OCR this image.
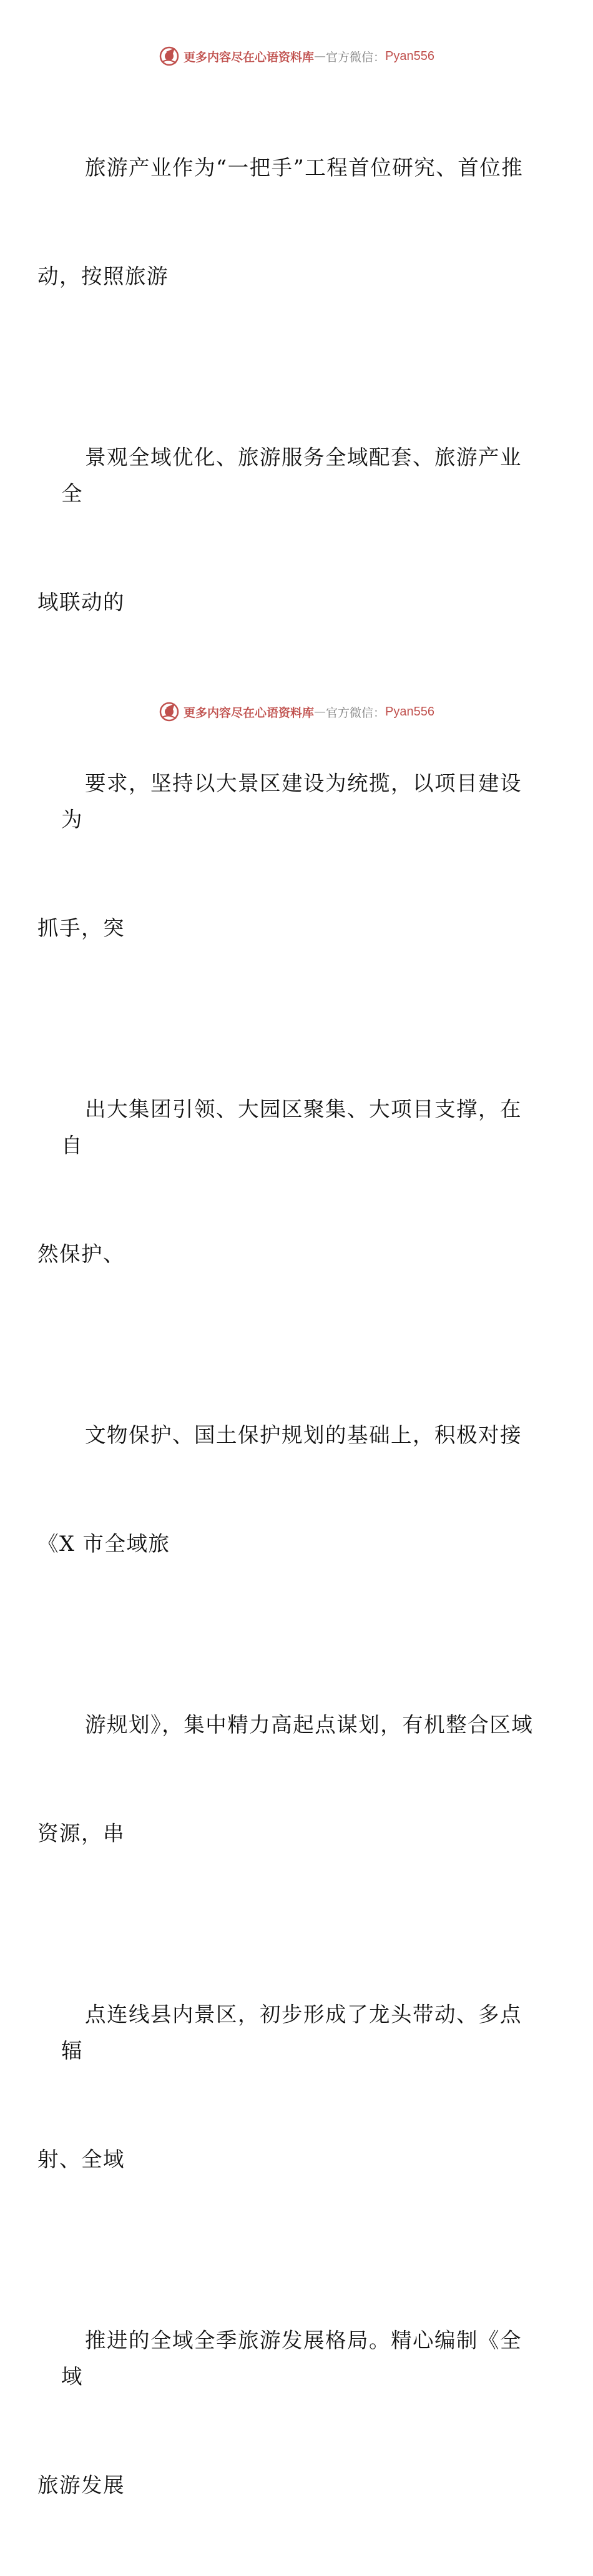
更多内容尽在心语资料库 — 官方微信： Pyan556

旅游产业作为“一把手”工程首位研究、首位推

动，按照旅游

景观全域优化、旅游服务全域配套、旅游产业全

域联动的

要求，坚持以大景区建设为统揽，以项目建设为

抓手，突

出大集团引领、大园区聚集、大项目支撑，在自

然保护、

文物保护、国土保护规划的基础上，积极对接

《X 市全域旅

游规划》，集中精力高起点谋划，有机整合区域

资源，串

点连线县内景区，初步形成了龙头带动、多点辐

射、全域

推进的全域全季旅游发展格局。精心编制《全域

旅游发展

更多内容尽在心语资料库 — 官方微信： Pyan556
